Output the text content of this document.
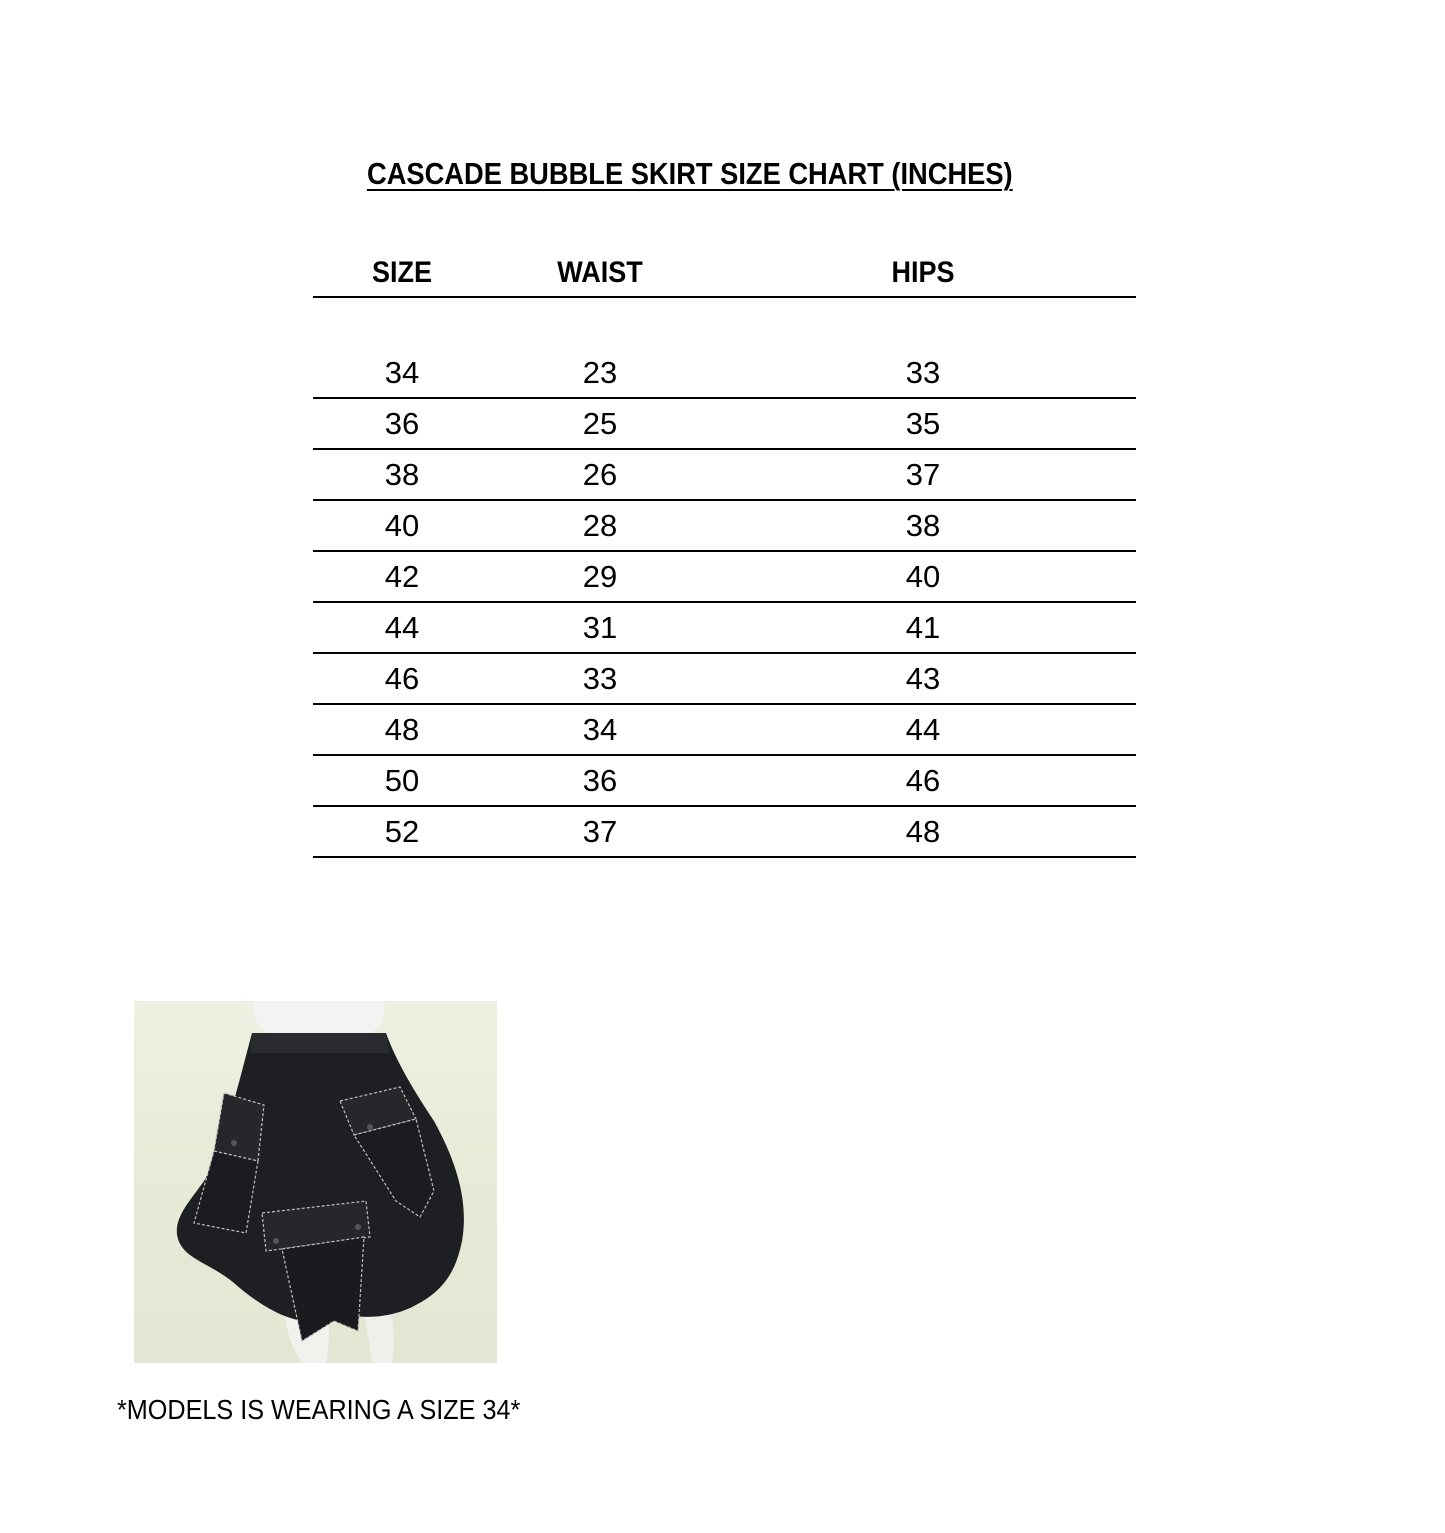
CASCADE BUBBLE SKIRT SIZE CHART (INCHES)
SIZE	WAIST	HIPS
34	23	33
36	25	35
38	26	37
40	28	38
42	29	40
44	31	41
46	33	43
48	34	44
50	36	46
52	37	48
*MODELS IS WEARING A SIZE 34*
